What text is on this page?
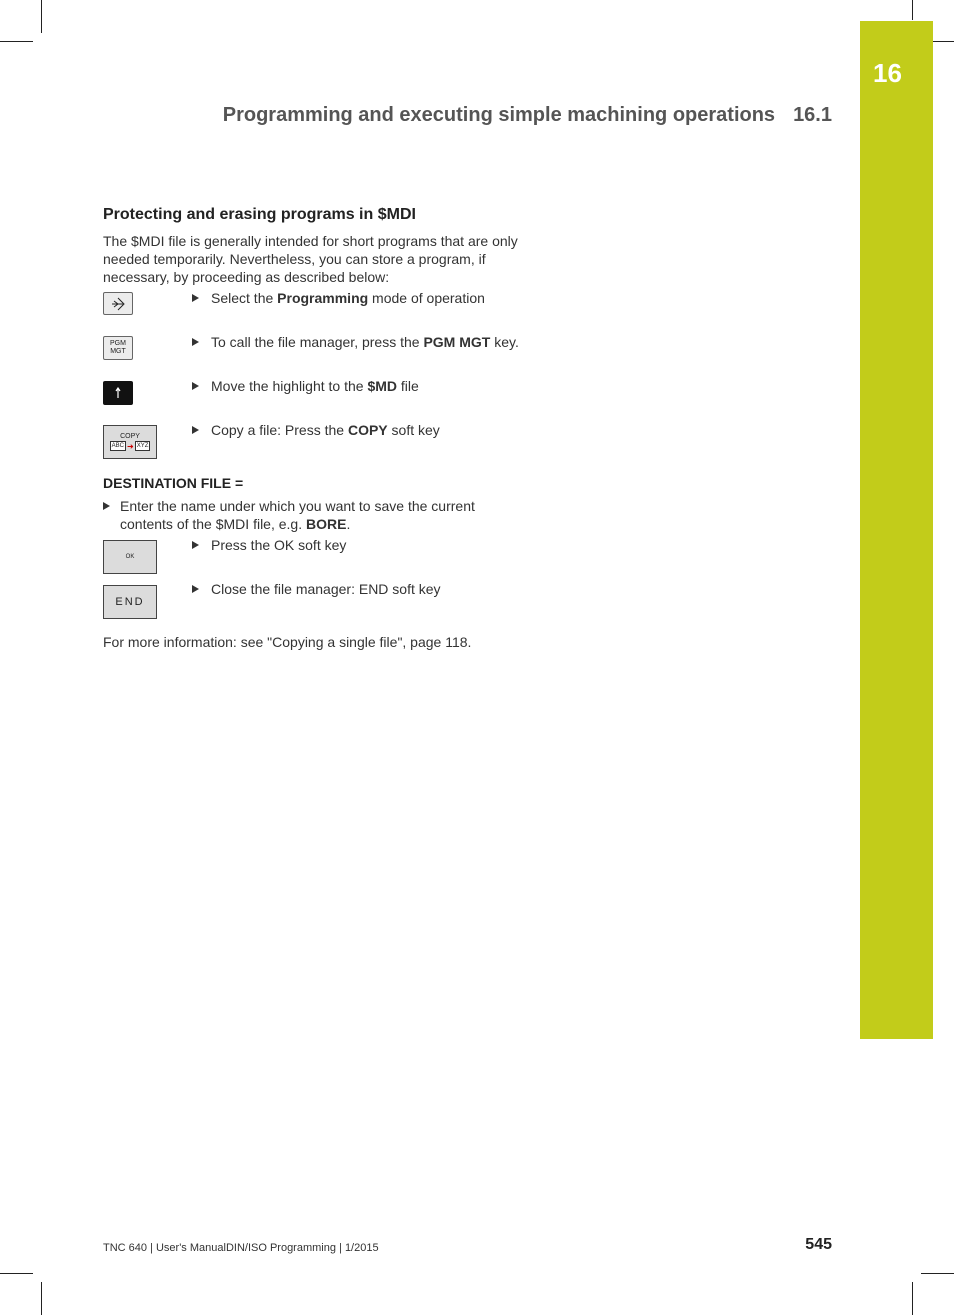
16
Programming and executing simple machining operations 16.1
Protecting and erasing programs in $MDI
The $MDI file is generally intended for short programs that are only needed temporarily. Nevertheless, you can store a program, if necessary, by proceeding as described below:
Select the Programming mode of operation
PGM
MGT
To call the file manager, press the PGM MGT key.
Move the highlight to the $MD file
COPY
ABC ➜ XYZ
Copy a file: Press the COPY soft key
DESTINATION FILE =
Enter the name under which you want to save the current contents of the $MDI file, e.g. BORE.
OK
Press the OK soft key
END
Close the file manager: END soft key
For more information: see "Copying a single file", page 118.
TNC 640 | User's ManualDIN/ISO Programming | 1/2015	545
